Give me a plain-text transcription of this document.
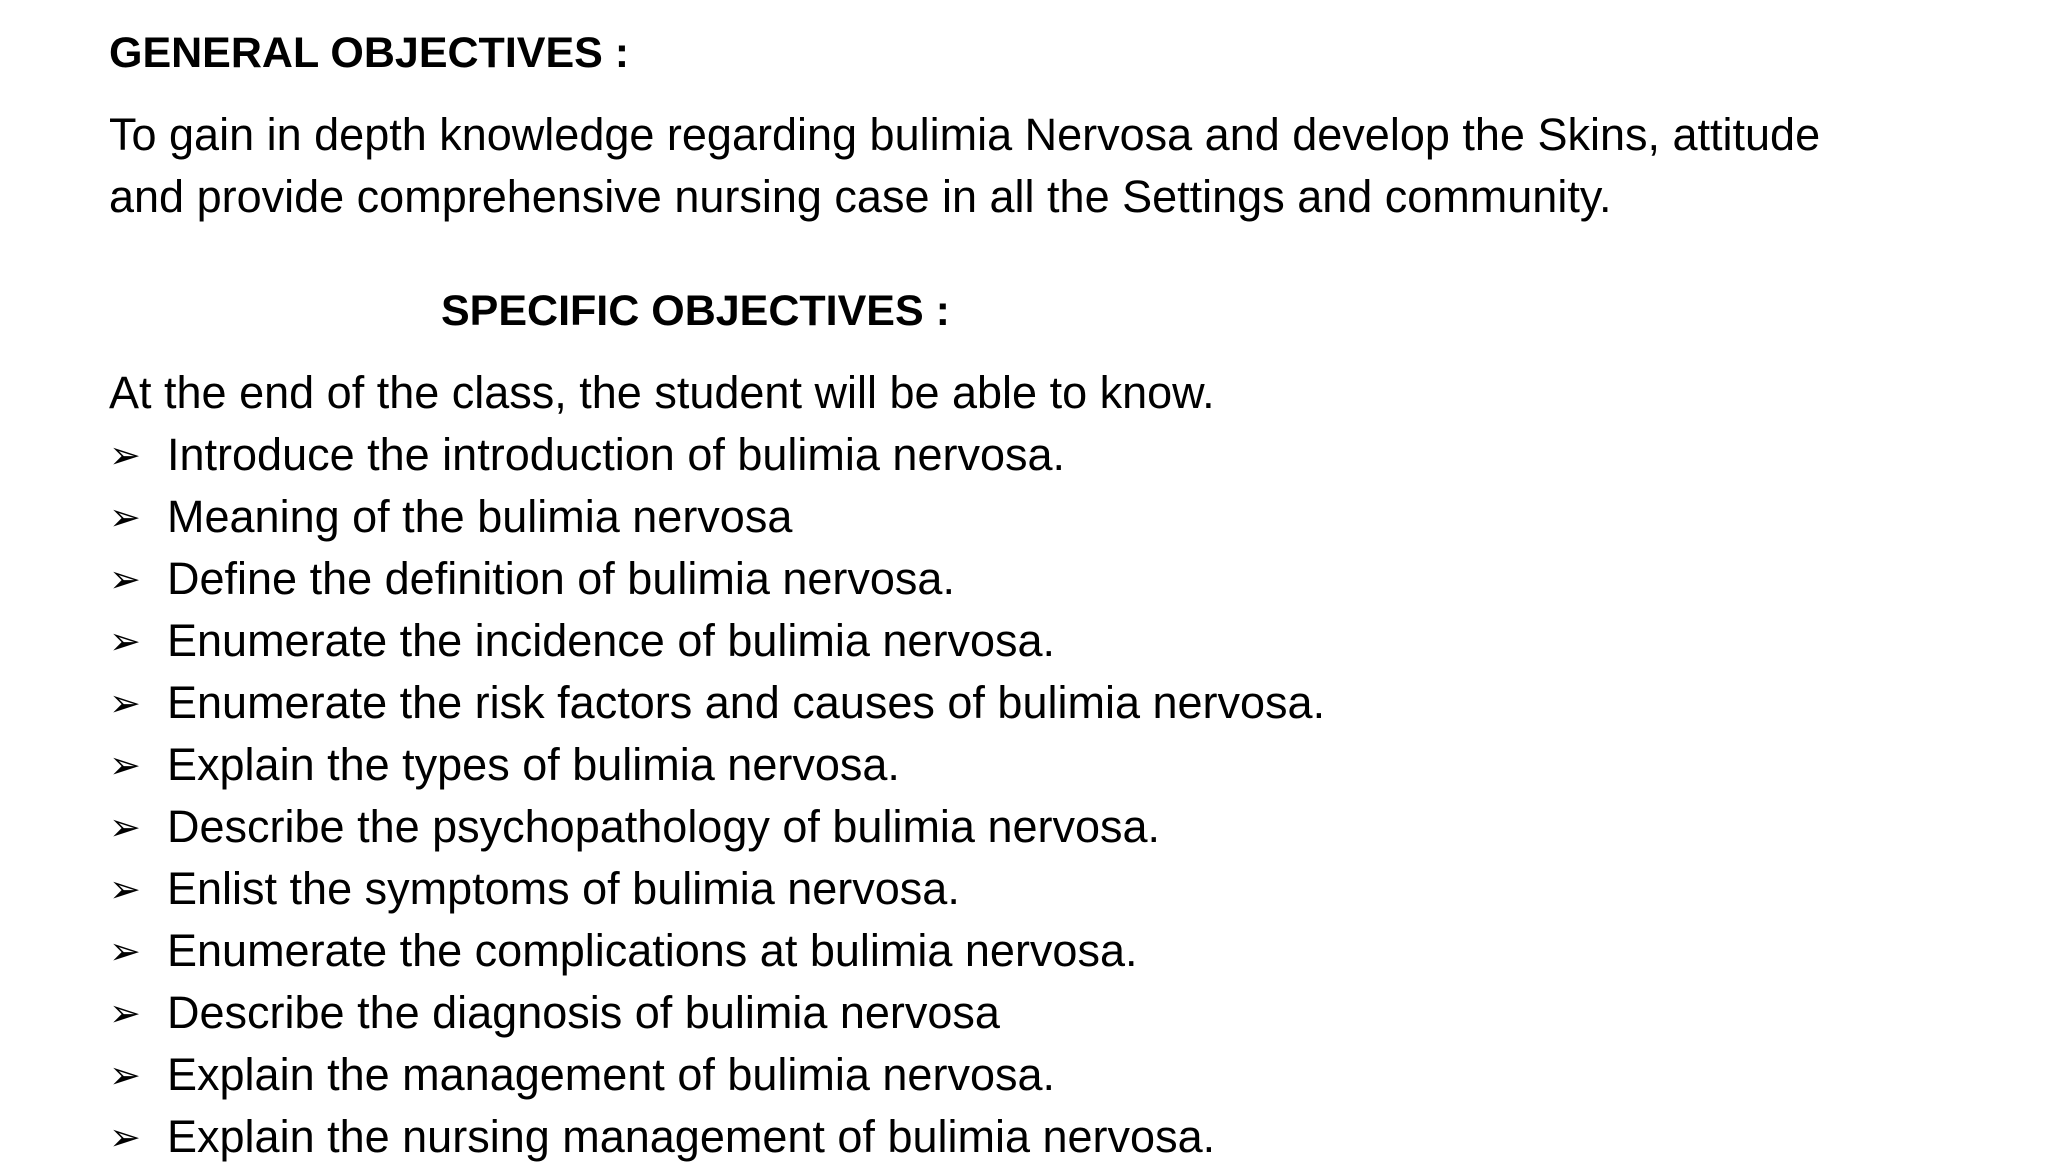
GENERAL OBJECTIVES :
To gain in depth knowledge regarding bulimia Nervosa and develop the Skins, attitude
and provide comprehensive nursing case in all the Settings and community.
SPECIFIC OBJECTIVES :
At the end of the class, the student will be able to know.
➢ Introduce the introduction of bulimia nervosa.
➢ Meaning of the bulimia nervosa
➢ Define the definition of bulimia nervosa.
➢ Enumerate the incidence of bulimia nervosa.
➢ Enumerate the risk factors and causes of bulimia nervosa.
➢ Explain the types of bulimia nervosa.
➢ Describe the psychopathology of bulimia nervosa.
➢ Enlist the symptoms of bulimia nervosa.
➢ Enumerate the complications at bulimia nervosa.
➢ Describe the diagnosis of bulimia nervosa
➢ Explain the management of bulimia nervosa.
➢ Explain the nursing management of bulimia nervosa.
